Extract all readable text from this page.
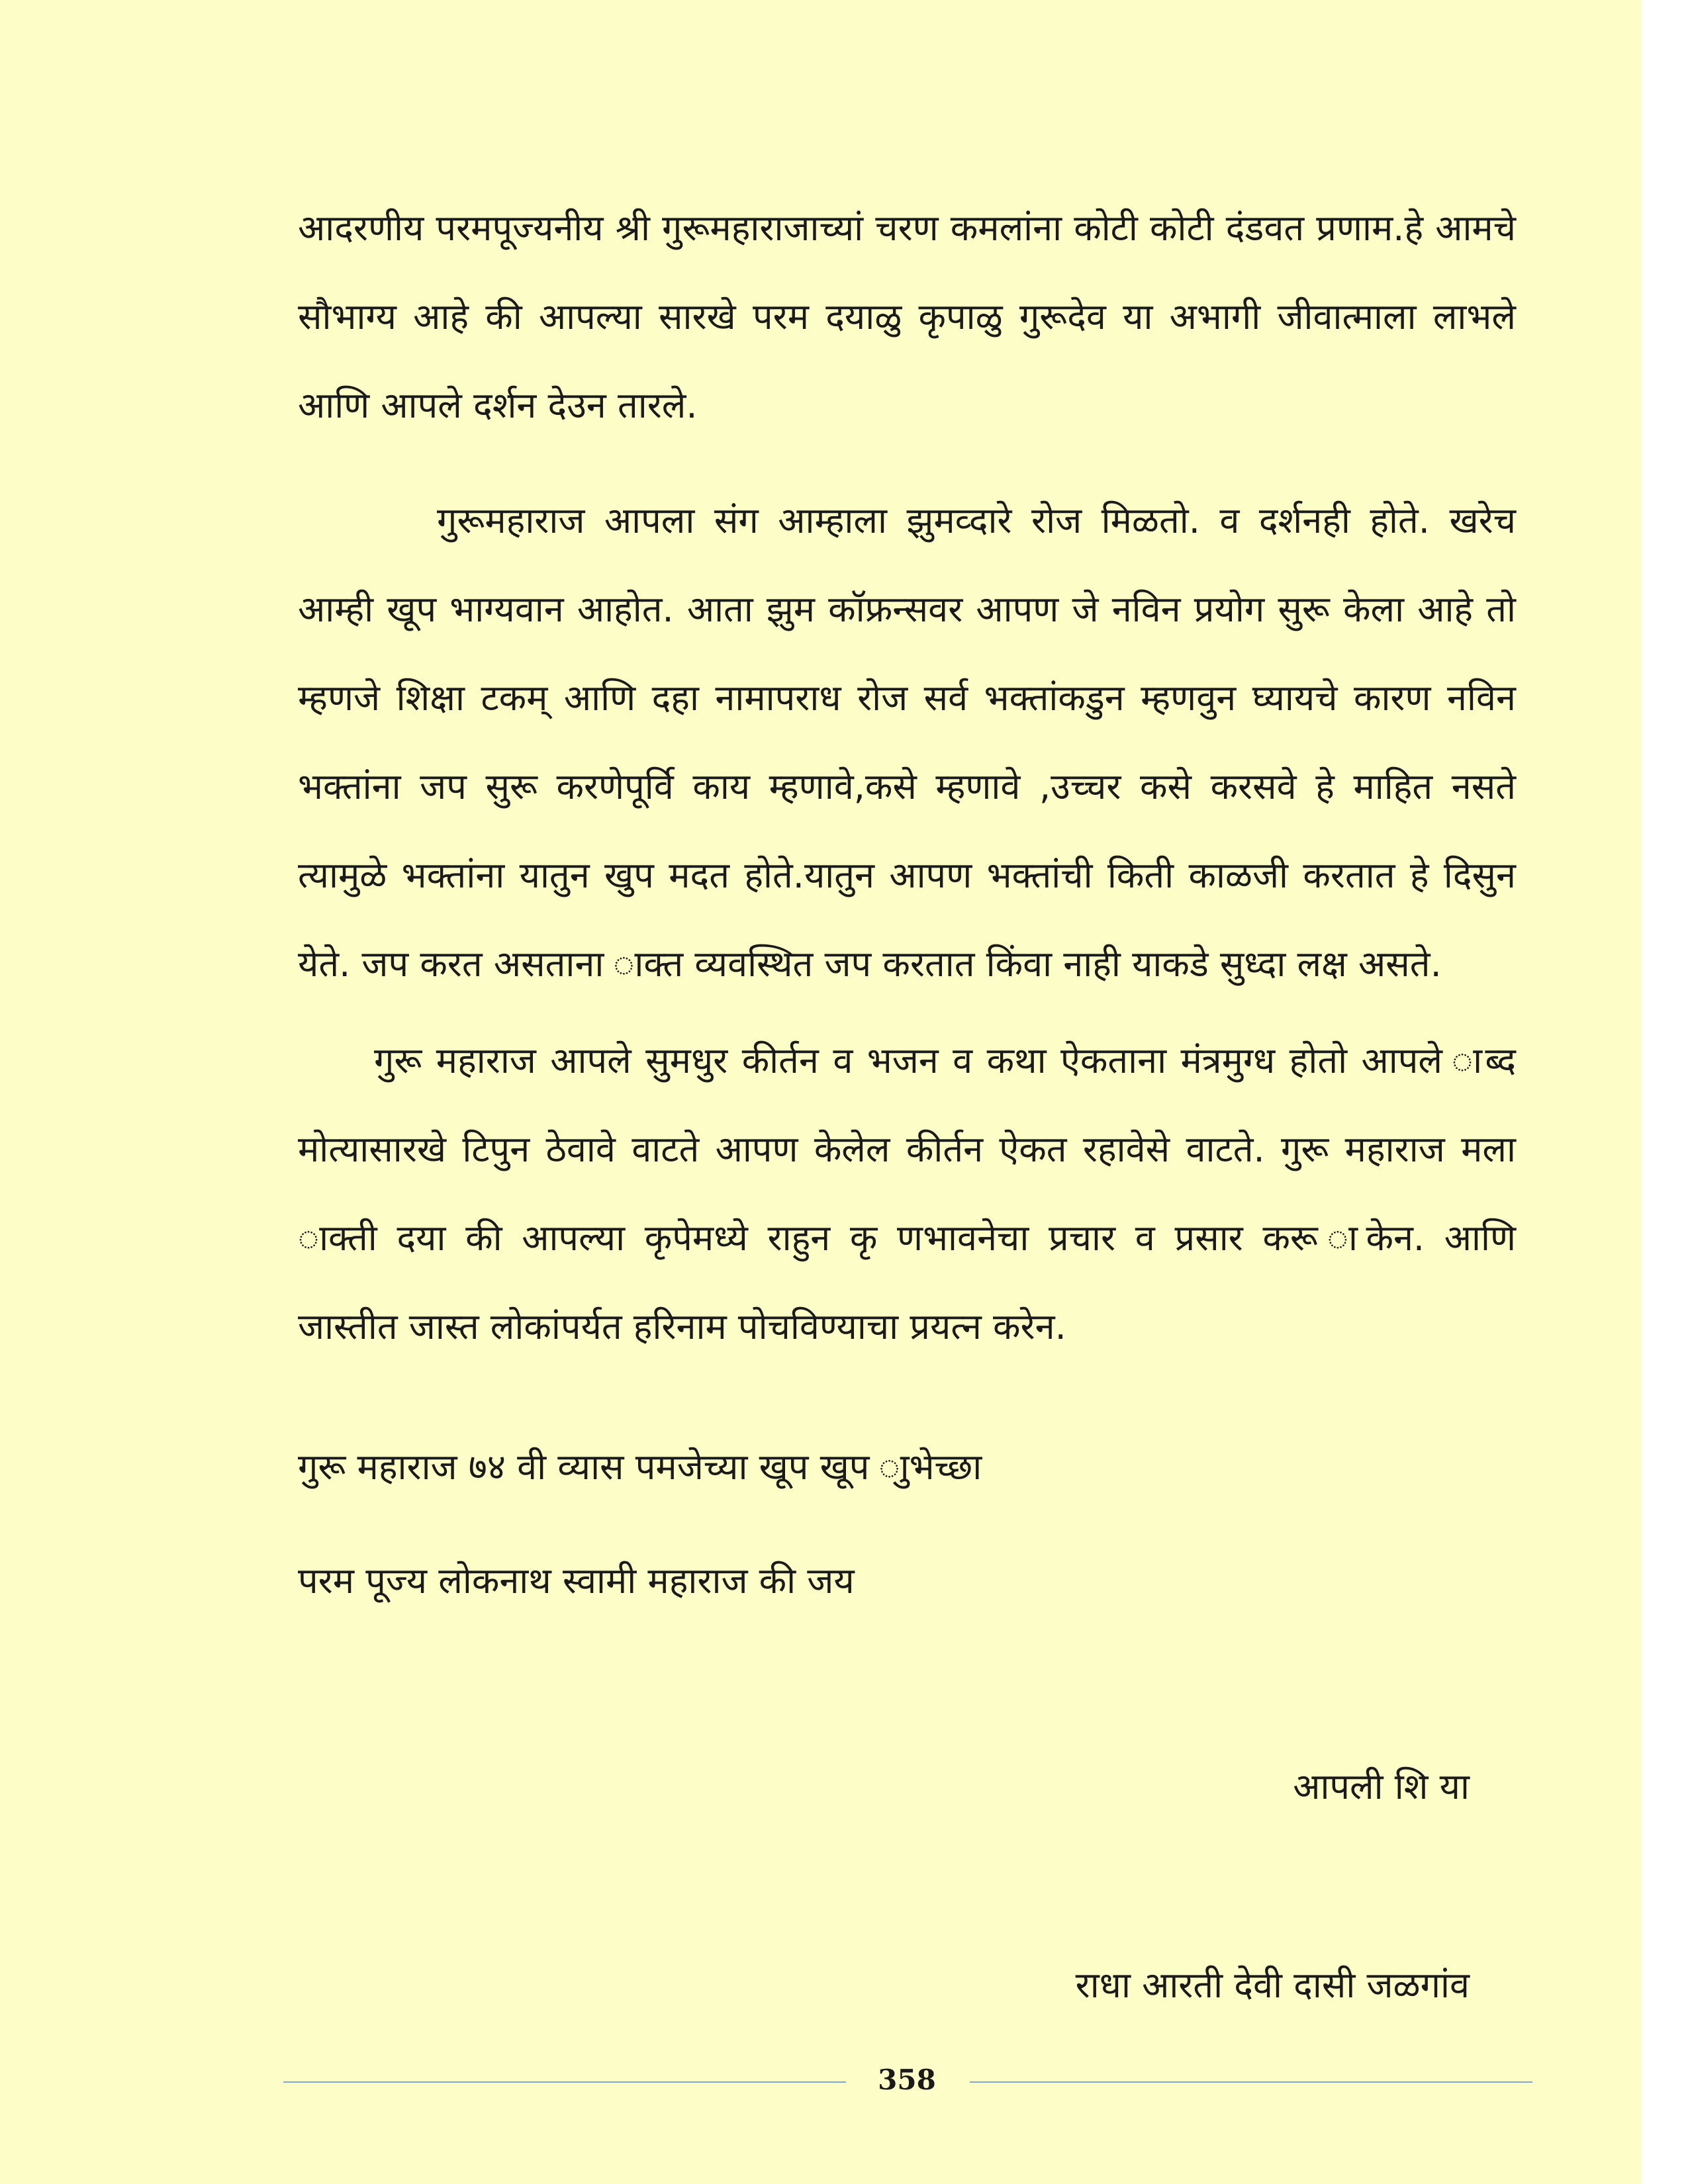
आदरणीय परमपूज्यनीय श्री गुरूमहाराजाच्यां चरण कमलांना कोटी कोटी दंडवत प्रणाम.हे आमचे सौभाग्य आहे की आपल्या सारखे परम दयाळु कृपाळु गुरूदेव या अभागी जीवात्माला लाभले आणि आपले दर्शन देउन तारले.

गुरूमहाराज आपला संग आम्हाला झुमव्दारे रोज मिळतो. व दर्शनही होते. खरेच आम्ही खूप भाग्यवान आहोत. आता झुम कॉफ्रन्सवर आपण जे नविन प्रयोग सुरू केला आहे तो म्हणजे शिक्षा टकम् आणि दहा नामापराध रोज सर्व भक्तांकडुन म्हणवुन घ्यायचे कारण नविन भक्तांना जप सुरू करणेपूर्वि काय म्हणावे,कसे म्हणावे ,उच्चर कसे करसवे हे माहित नसते त्यामुळे भक्तांना यातुन खुप मदत होते.यातुन आपण भक्तांची किती काळजी करतात हे दिसुन येते. जप करत असताना ाक्त व्यवस्थित जप करतात किंवा नाही याकडे सुध्दा लक्ष असते.

गुरू महाराज आपले सुमधुर कीर्तन व भजन व कथा ऐकताना मंत्रमुग्ध होतो आपले ाब्द मोत्यासारखे टिपुन ठेवावे वाटते आपण केलेल कीर्तन ऐकत रहावेसे वाटते. गुरू महाराज मला ाक्ती दया की आपल्या कृपेमध्ये राहुन कृ णभावनेचा प्रचार व प्रसार करू ाकेन. आणि जास्तीत जास्त लोकांपर्यत हरिनाम पोचविण्याचा प्रयत्न करेन.

गुरू महाराज ७४ वी व्यास पमजेच्या खूप खूप ाुभेच्छा

परम पूज्य लोकनाथ स्वामी महाराज की जय

आपली शि या
राधा आरती देवी दासी जळगांव
358
